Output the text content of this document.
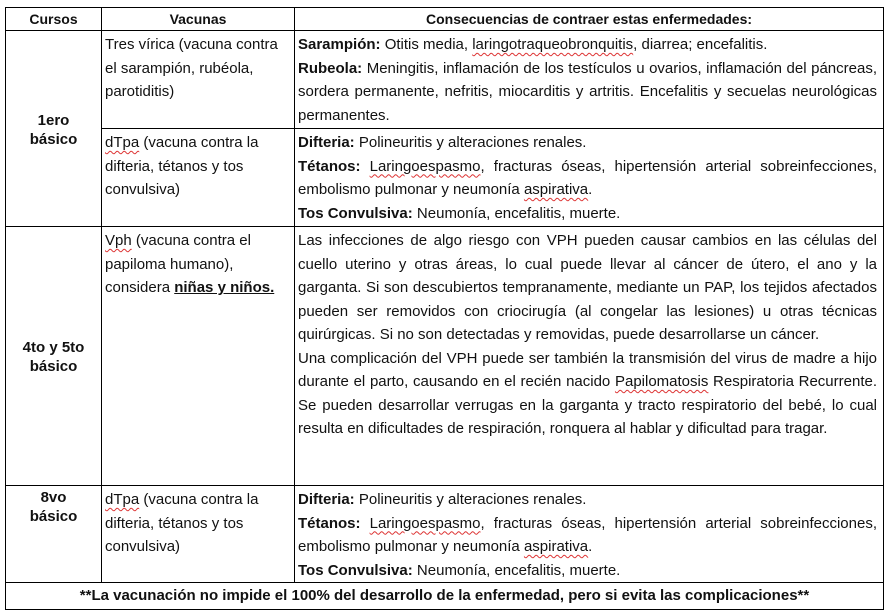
Cursos	Vacunas	Consecuencias de contraer estas enfermedades:
1ero básico	Tres vírica (vacuna contra el sarampión, rubéola, parotiditis)	Sarampión: Otitis media, laringotraqueobronquitis, diarrea; encefalitis.

Rubeola: Meningitis, inflamación de los testículos u ovarios, inflamación del páncreas, sordera permanente, nefritis, miocarditis y artritis. Encefalitis y secuelas neurológicas permanentes.

	dTpa (vacuna contra la difteria, tétanos y tos convulsiva)	Difteria: Polineuritis y alteraciones renales.

Tétanos: Laringoespasmo, fracturas óseas, hipertensión arterial sobreinfecciones, embolismo pulmonar y neumonía aspirativa.

Tos Convulsiva: Neumonía, encefalitis, muerte.

4to y 5to básico	Vph (vacuna contra el papiloma humano), considera niñas y niños.	Las infecciones de algo riesgo con VPH pueden causar cambios en las células del cuello uterino y otras áreas, lo cual puede llevar al cáncer de útero, el ano y la garganta. Si son descubiertos tempranamente, mediante un PAP, los tejidos afectados pueden ser removidos con criocirugía (al congelar las lesiones) u otras técnicas quirúrgicas. Si no son detectadas y removidas, puede desarrollarse un cáncer.

Una complicación del VPH puede ser también la transmisión del virus de madre a hijo durante el parto, causando en el recién nacido Papilomatosis Respiratoria Recurrente. Se pueden desarrollar verrugas en la garganta y tracto respiratorio del bebé, lo cual resulta en dificultades de respiración, ronquera al hablar y dificultad para tragar.

8vo básico	dTpa (vacuna contra la difteria, tétanos y tos convulsiva)	Difteria: Polineuritis y alteraciones renales.

Tétanos: Laringoespasmo, fracturas óseas, hipertensión arterial sobreinfecciones, embolismo pulmonar y neumonía aspirativa.

Tos Convulsiva: Neumonía, encefalitis, muerte.

**La vacunación no impide el 100% del desarrollo de la enfermedad, pero si evita las complicaciones**		
